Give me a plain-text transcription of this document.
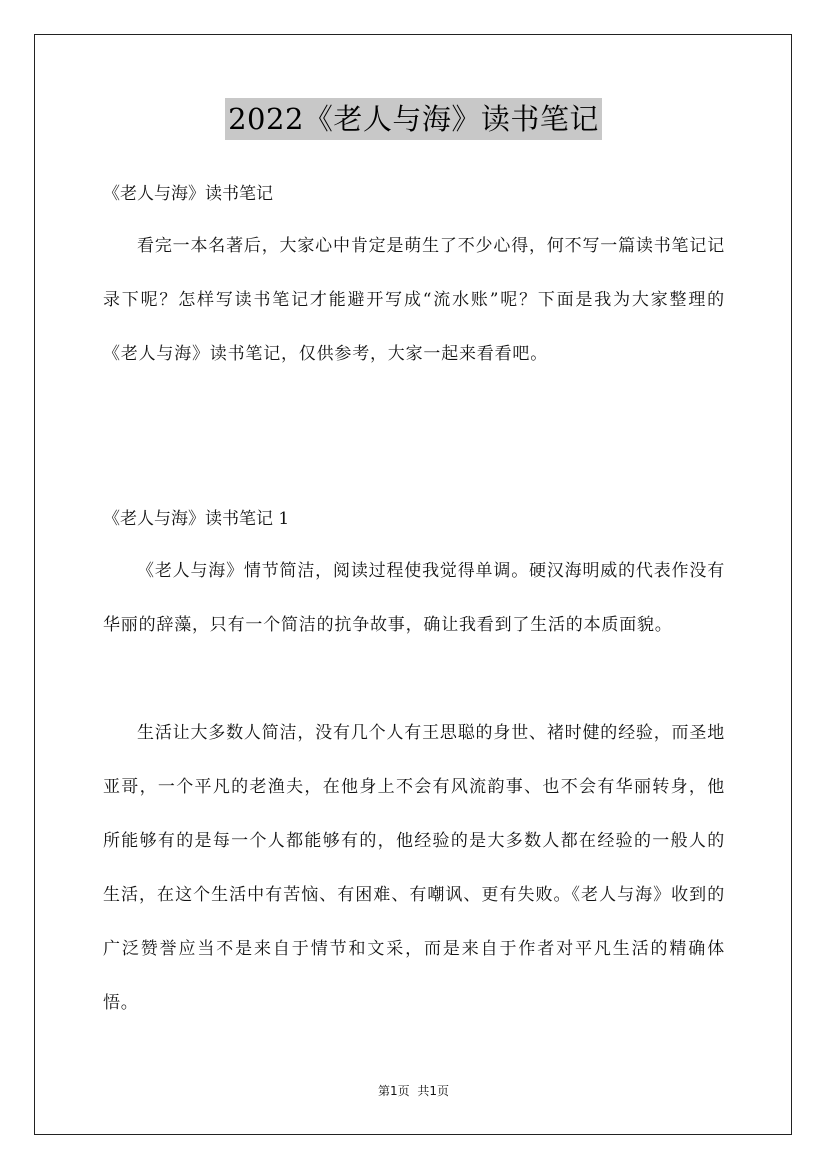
2022《老人与海》读书笔记
《老人与海》读书笔记

看完一本名著后，大家心中肯定是萌生了不少心得，何不写一篇读书笔记记录下呢？怎样写读书笔记才能避开写成“流水账”呢？下面是我为大家整理的《老人与海》读书笔记，仅供参考，大家一起来看看吧。

《老人与海》读书笔记 1

《老人与海》情节简洁，阅读过程使我觉得单调。硬汉海明威的代表作没有华丽的辞藻，只有一个简洁的抗争故事，确让我看到了生活的本质面貌。

生活让大多数人简洁，没有几个人有王思聪的身世、褚时健的经验，而圣地亚哥，一个平凡的老渔夫，在他身上不会有风流韵事、也不会有华丽转身，他所能够有的是每一个人都能够有的，他经验的是大多数人都在经验的一般人的生活，在这个生活中有苦恼、有困难、有嘲讽、更有失败。《老人与海》收到的广泛赞誉应当不是来自于情节和文采，而是来自于作者对平凡生活的精确体悟。

第1页 共1页
